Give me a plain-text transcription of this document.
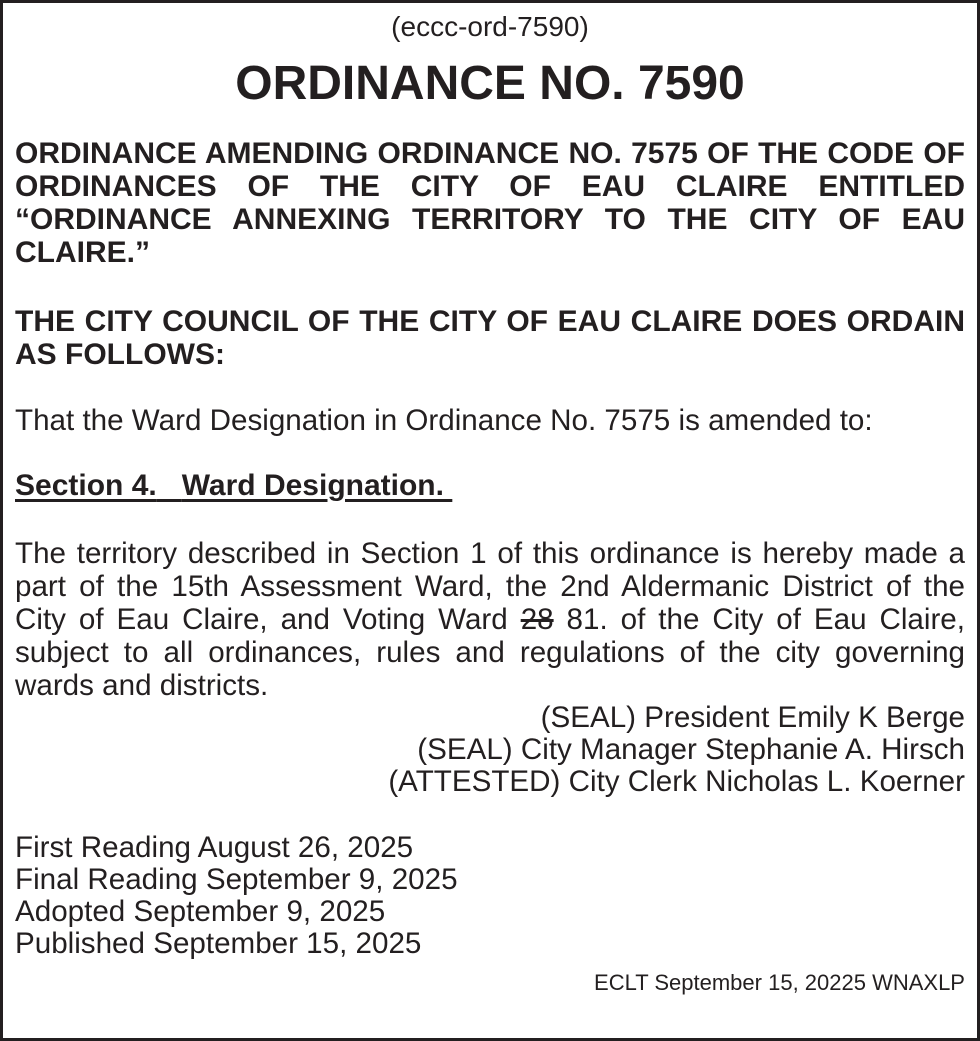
(eccc-ord-7590)
ORDINANCE NO. 7590
ORDINANCE AMENDING ORDINANCE NO. 7575 OF THE CODE OF ORDINANCES OF THE CITY OF EAU CLAIRE ENTITLED “ORDINANCE ANNEXING TERRITORY TO THE CITY OF EAU CLAIRE.”
THE CITY COUNCIL OF THE CITY OF EAU CLAIRE DOES ORDAIN AS FOLLOWS:
That the Ward Designation in Ordinance No. 7575 is amended to:
Section 4. Ward Designation.
The territory described in Section 1 of this ordinance is hereby made a part of the 15th Assessment Ward, the 2nd Aldermanic District of the City of Eau Claire, and Voting Ward 28 81. of the City of Eau Claire, subject to all ordinances, rules and regulations of the city governing wards and districts.
(SEAL) President Emily K Berge
(SEAL) City Manager Stephanie A. Hirsch
(ATTESTED) City Clerk Nicholas L. Koerner
First Reading August 26, 2025
Final Reading September 9, 2025
Adopted September 9, 2025
Published September 15, 2025
ECLT September 15, 20225 WNAXLP
